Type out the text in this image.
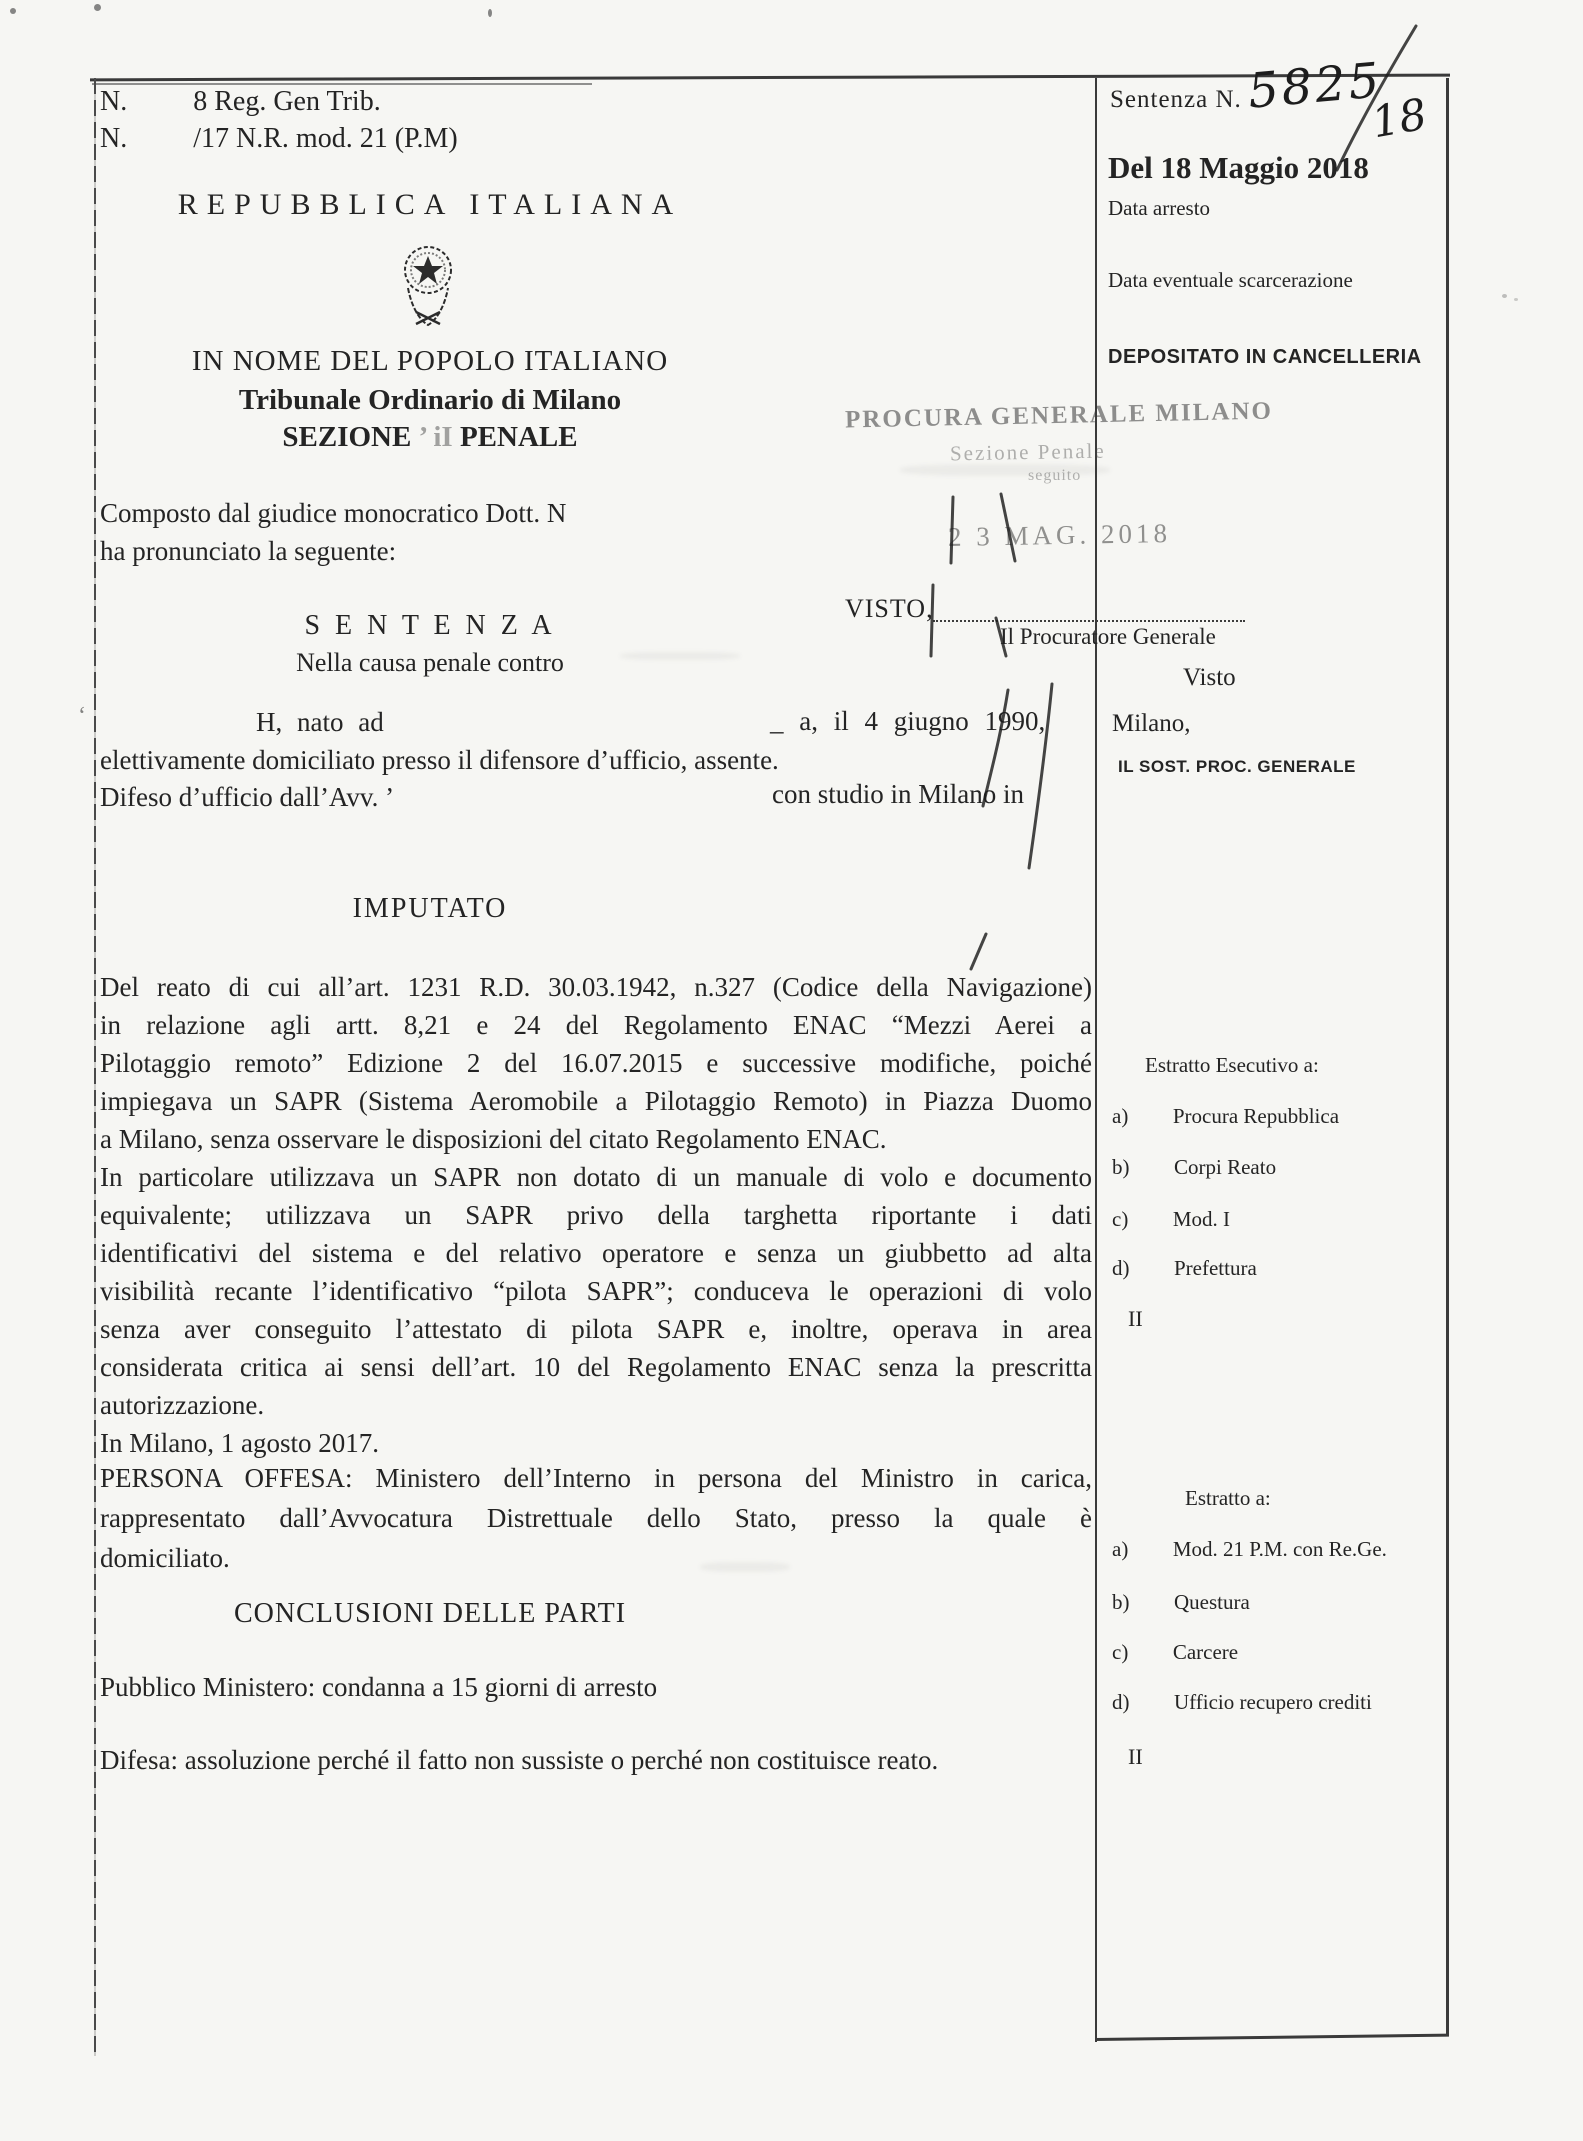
N. 8 Reg. Gen Trib.
N. /17 N.R. mod. 21 (P.M)
REPUBBLICA ITALIANA
IN NOME DEL POPOLO ITALIANO
Tribunale Ordinario di Milano
SEZIONE ’ iI PENALE
Composto dal giudice monocratico Dott. N
ha pronunciato la seguente:
S E N T E N Z A
Nella causa penale contro
‘	H, nato ad	_ a, il 4 giugno 1990,
elettivamente domiciliato presso il difensore d’ufficio, assente.
Difeso d’ufficio dall’Avv. ’	con studio in Milano in
IMPUTATO
Del reato di cui all’art. 1231 R.D. 30.03.1942, n.327 (Codice della Navigazione)
in relazione agli artt. 8,21 e 24 del Regolamento ENAC “Mezzi Aerei a
Pilotaggio remoto” Edizione 2 del 16.07.2015 e successive modifiche, poiché
impiegava un SAPR (Sistema Aeromobile a Pilotaggio Remoto) in Piazza Duomo
a Milano, senza osservare le disposizioni del citato Regolamento ENAC.
In particolare utilizzava un SAPR non dotato di un manuale di volo e documento
equivalente; utilizzava un SAPR privo della targhetta riportante i dati
identificativi del sistema e del relativo operatore e senza un giubbetto ad alta
visibilità recante l’identificativo “pilota SAPR”; conduceva le operazioni di volo
senza aver conseguito l’attestato di pilota SAPR e, inoltre, operava in area
considerata critica ai sensi dell’art. 10 del Regolamento ENAC senza la prescritta
autorizzazione.
In Milano, 1 agosto 2017.
PERSONA OFFESA: Ministero dell’Interno in persona del Ministro in carica,
rappresentato dall’Avvocatura Distrettuale dello Stato, presso la quale è
domiciliato.
CONCLUSIONI DELLE PARTI
Pubblico Ministero: condanna a 15 giorni di arresto
Difesa: assoluzione perché il fatto non sussiste o perché non costituisce reato.
Sentenza N. 5825
18
Del 18 Maggio 2018
Data arresto
Data eventuale scarcerazione
DEPOSITATO IN CANCELLERIA
PROCURA GENERALE MILANO
Sezione Penale
seguito
2 3 MAG. 2018
VISTO,
Il Procuratore Generale
Visto
Milano,
IL SOST. PROC. GENERALE
Estratto Esecutivo a:
a) Procura Repubblica
b) Corpi Reato
c) Mod. I
d) Prefettura
II
Estratto a:
a) Mod. 21 P.M. con Re.Ge.
b) Questura
c) Carcere
d) Ufficio recupero crediti
II
